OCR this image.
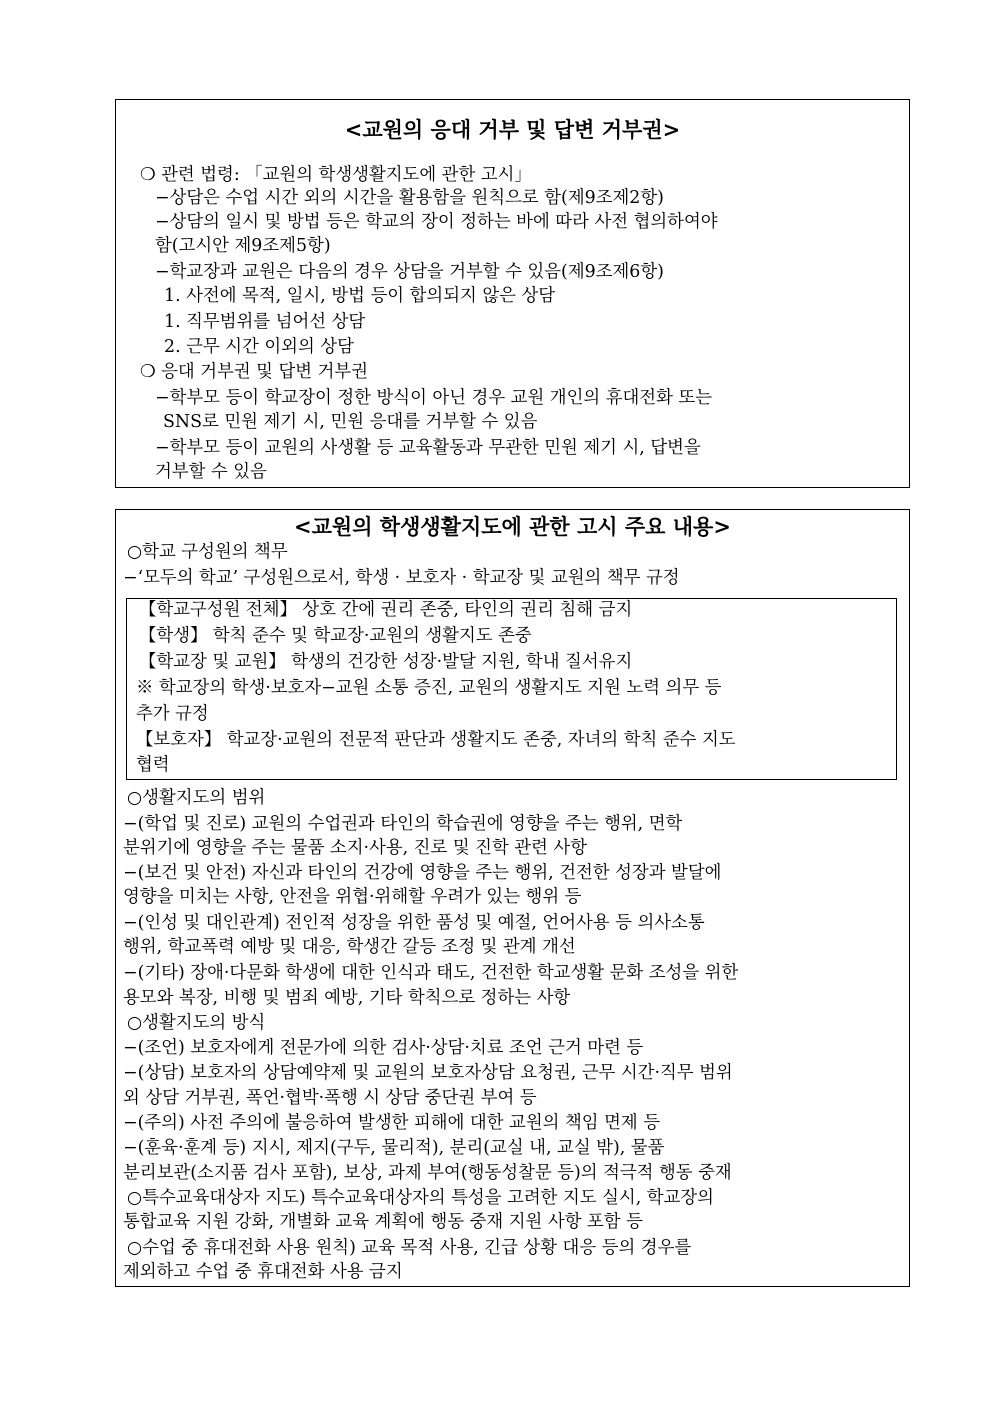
<교원의 응대 거부 및 답변 거부권>
❍ 관련 법령: 「교원의 학생생활지도에 관한 고시」
−상담은 수업 시간 외의 시간을 활용함을 원칙으로 함(제9조제2항)
−상담의 일시 및 방법 등은 학교의 장이 정하는 바에 따라 사전 협의하여야
함(고시안 제9조제5항)
−학교장과 교원은 다음의 경우 상담을 거부할 수 있음(제9조제6항)
1. 사전에 목적, 일시, 방법 등이 합의되지 않은 상담
1. 직무범위를 넘어선 상담
2. 근무 시간 이외의 상담
❍ 응대 거부권 및 답변 거부권
−학부모 등이 학교장이 정한 방식이 아닌 경우 교원 개인의 휴대전화 또는
SNS로 민원 제기 시, 민원 응대를 거부할 수 있음
−학부모 등이 교원의 사생활 등 교육활동과 무관한 민원 제기 시, 답변을
거부할 수 있음
<교원의 학생생활지도에 관한 고시 주요 내용>
○학교 구성원의 책무
−‘모두의 학교’ 구성원으로서, 학생 · 보호자 · 학교장 및 교원의 책무 규정
【학교구성원 전체】 상호 간에 권리 존중, 타인의 권리 침해 금지
【학생】 학칙 준수 및 학교장·교원의 생활지도 존중
【학교장 및 교원】 학생의 건강한 성장·발달 지원, 학내 질서유지
※ 학교장의 학생·보호자−교원 소통 증진, 교원의 생활지도 지원 노력 의무 등
추가 규정
【보호자】 학교장·교원의 전문적 판단과 생활지도 존중, 자녀의 학칙 준수 지도
협력
○생활지도의 범위
−(학업 및 진로) 교원의 수업권과 타인의 학습권에 영향을 주는 행위, 면학
분위기에 영향을 주는 물품 소지·사용, 진로 및 진학 관련 사항
−(보건 및 안전) 자신과 타인의 건강에 영향을 주는 행위, 건전한 성장과 발달에
영향을 미치는 사항, 안전을 위협·위해할 우려가 있는 행위 등
−(인성 및 대인관계) 전인적 성장을 위한 품성 및 예절, 언어사용 등 의사소통
행위, 학교폭력 예방 및 대응, 학생간 갈등 조정 및 관계 개선
−(기타) 장애·다문화 학생에 대한 인식과 태도, 건전한 학교생활 문화 조성을 위한
용모와 복장, 비행 및 범죄 예방, 기타 학칙으로 정하는 사항
○생활지도의 방식
−(조언) 보호자에게 전문가에 의한 검사·상담·치료 조언 근거 마련 등
−(상담) 보호자의 상담예약제 및 교원의 보호자상담 요청권, 근무 시간·직무 범위
외 상담 거부권, 폭언·협박·폭행 시 상담 중단권 부여 등
−(주의) 사전 주의에 불응하여 발생한 피해에 대한 교원의 책임 면제 등
−(훈육·훈계 등) 지시, 제지(구두, 물리적), 분리(교실 내, 교실 밖), 물품
분리보관(소지품 검사 포함), 보상, 과제 부여(행동성찰문 등)의 적극적 행동 중재
○특수교육대상자 지도) 특수교육대상자의 특성을 고려한 지도 실시, 학교장의
통합교육 지원 강화, 개별화 교육 계획에 행동 중재 지원 사항 포함 등
○수업 중 휴대전화 사용 원칙) 교육 목적 사용, 긴급 상황 대응 등의 경우를
제외하고 수업 중 휴대전화 사용 금지
